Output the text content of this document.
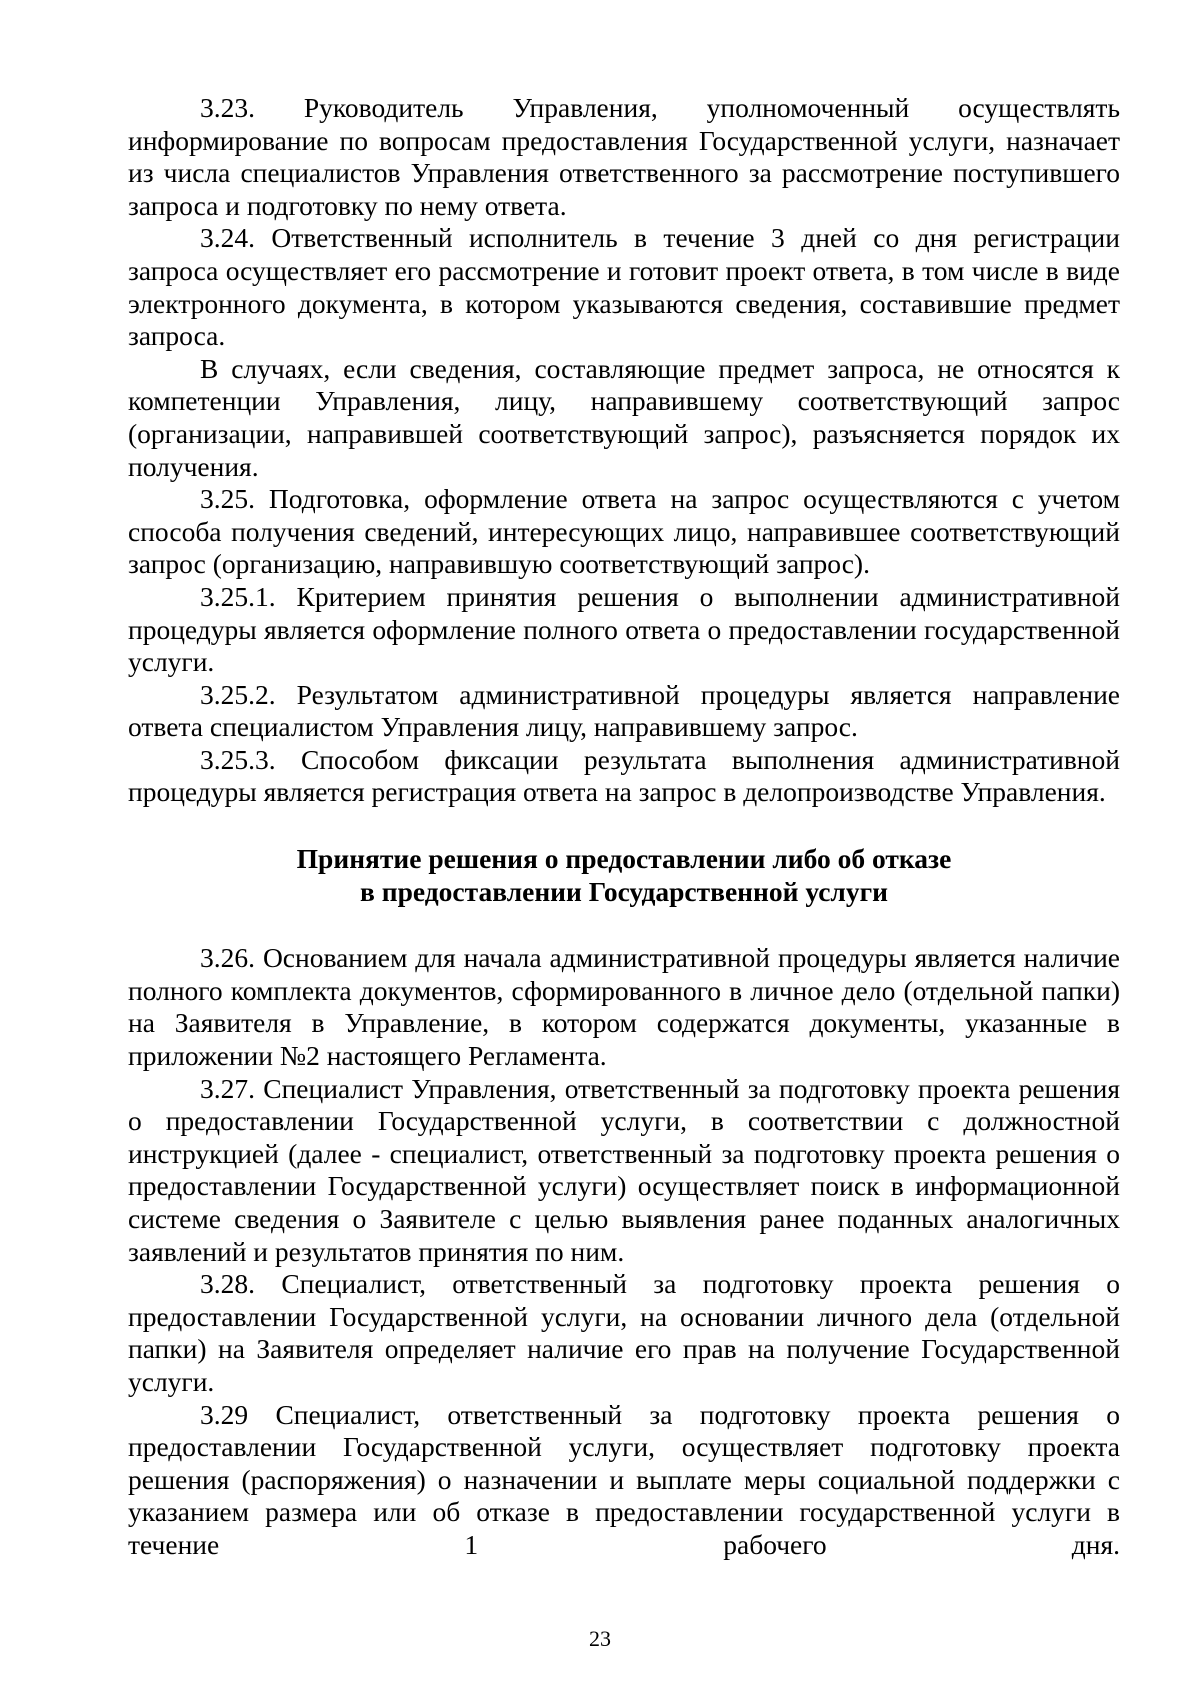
3.23. Руководитель Управления, уполномоченный осуществлять информирование по вопросам предоставления Государственной услуги, назначает из числа специалистов Управления ответственного за рассмотрение поступившего запроса и подготовку по нему ответа.

3.24. Ответственный исполнитель в течение 3 дней со дня регистрации запроса осуществляет его рассмотрение и готовит проект ответа, в том числе в виде электронного документа, в котором указываются сведения, составившие предмет запроса.

В случаях, если сведения, составляющие предмет запроса, не относятся к компетенции Управления, лицу, направившему соответствующий запрос (организации, направившей соответствующий запрос), разъясняется порядок их получения.

3.25. Подготовка, оформление ответа на запрос осуществляются с учетом способа получения сведений, интересующих лицо, направившее соответствующий запрос (организацию, направившую соответствующий запрос).

3.25.1. Критерием принятия решения о выполнении административной процедуры является оформление полного ответа о предоставлении государственной услуги.

3.25.2. Результатом административной процедуры является направление ответа специалистом Управления лицу, направившему запрос.

3.25.3. Способом фиксации результата выполнения административной процедуры является регистрация ответа на запрос в делопроизводстве Управления.

Принятие решения о предоставлении либо об отказе
в предоставлении Государственной услуги

3.26. Основанием для начала административной процедуры является наличие полного комплекта документов, сформированного в личное дело (отдельной папки) на Заявителя в Управление, в котором содержатся документы, указанные в приложении №2 настоящего Регламента.

3.27. Специалист Управления, ответственный за подготовку проекта решения о предоставлении Государственной услуги, в соответствии с должностной инструкцией (далее - специалист, ответственный за подготовку проекта решения о предоставлении Государственной услуги) осуществляет поиск в информационной системе сведения о Заявителе с целью выявления ранее поданных аналогичных заявлений и результатов принятия по ним.

3.28. Специалист, ответственный за подготовку проекта решения о предоставлении Государственной услуги, на основании личного дела (отдельной папки) на Заявителя определяет наличие его прав на получение Государственной услуги.

3.29 Специалист, ответственный за подготовку проекта решения о предоставлении Государственной услуги, осуществляет подготовку проекта решения (распоряжения) о назначении и выплате меры социальной поддержки с указанием размера или об отказе в предоставлении государственной услуги в течение 1 рабочего дня.

23
